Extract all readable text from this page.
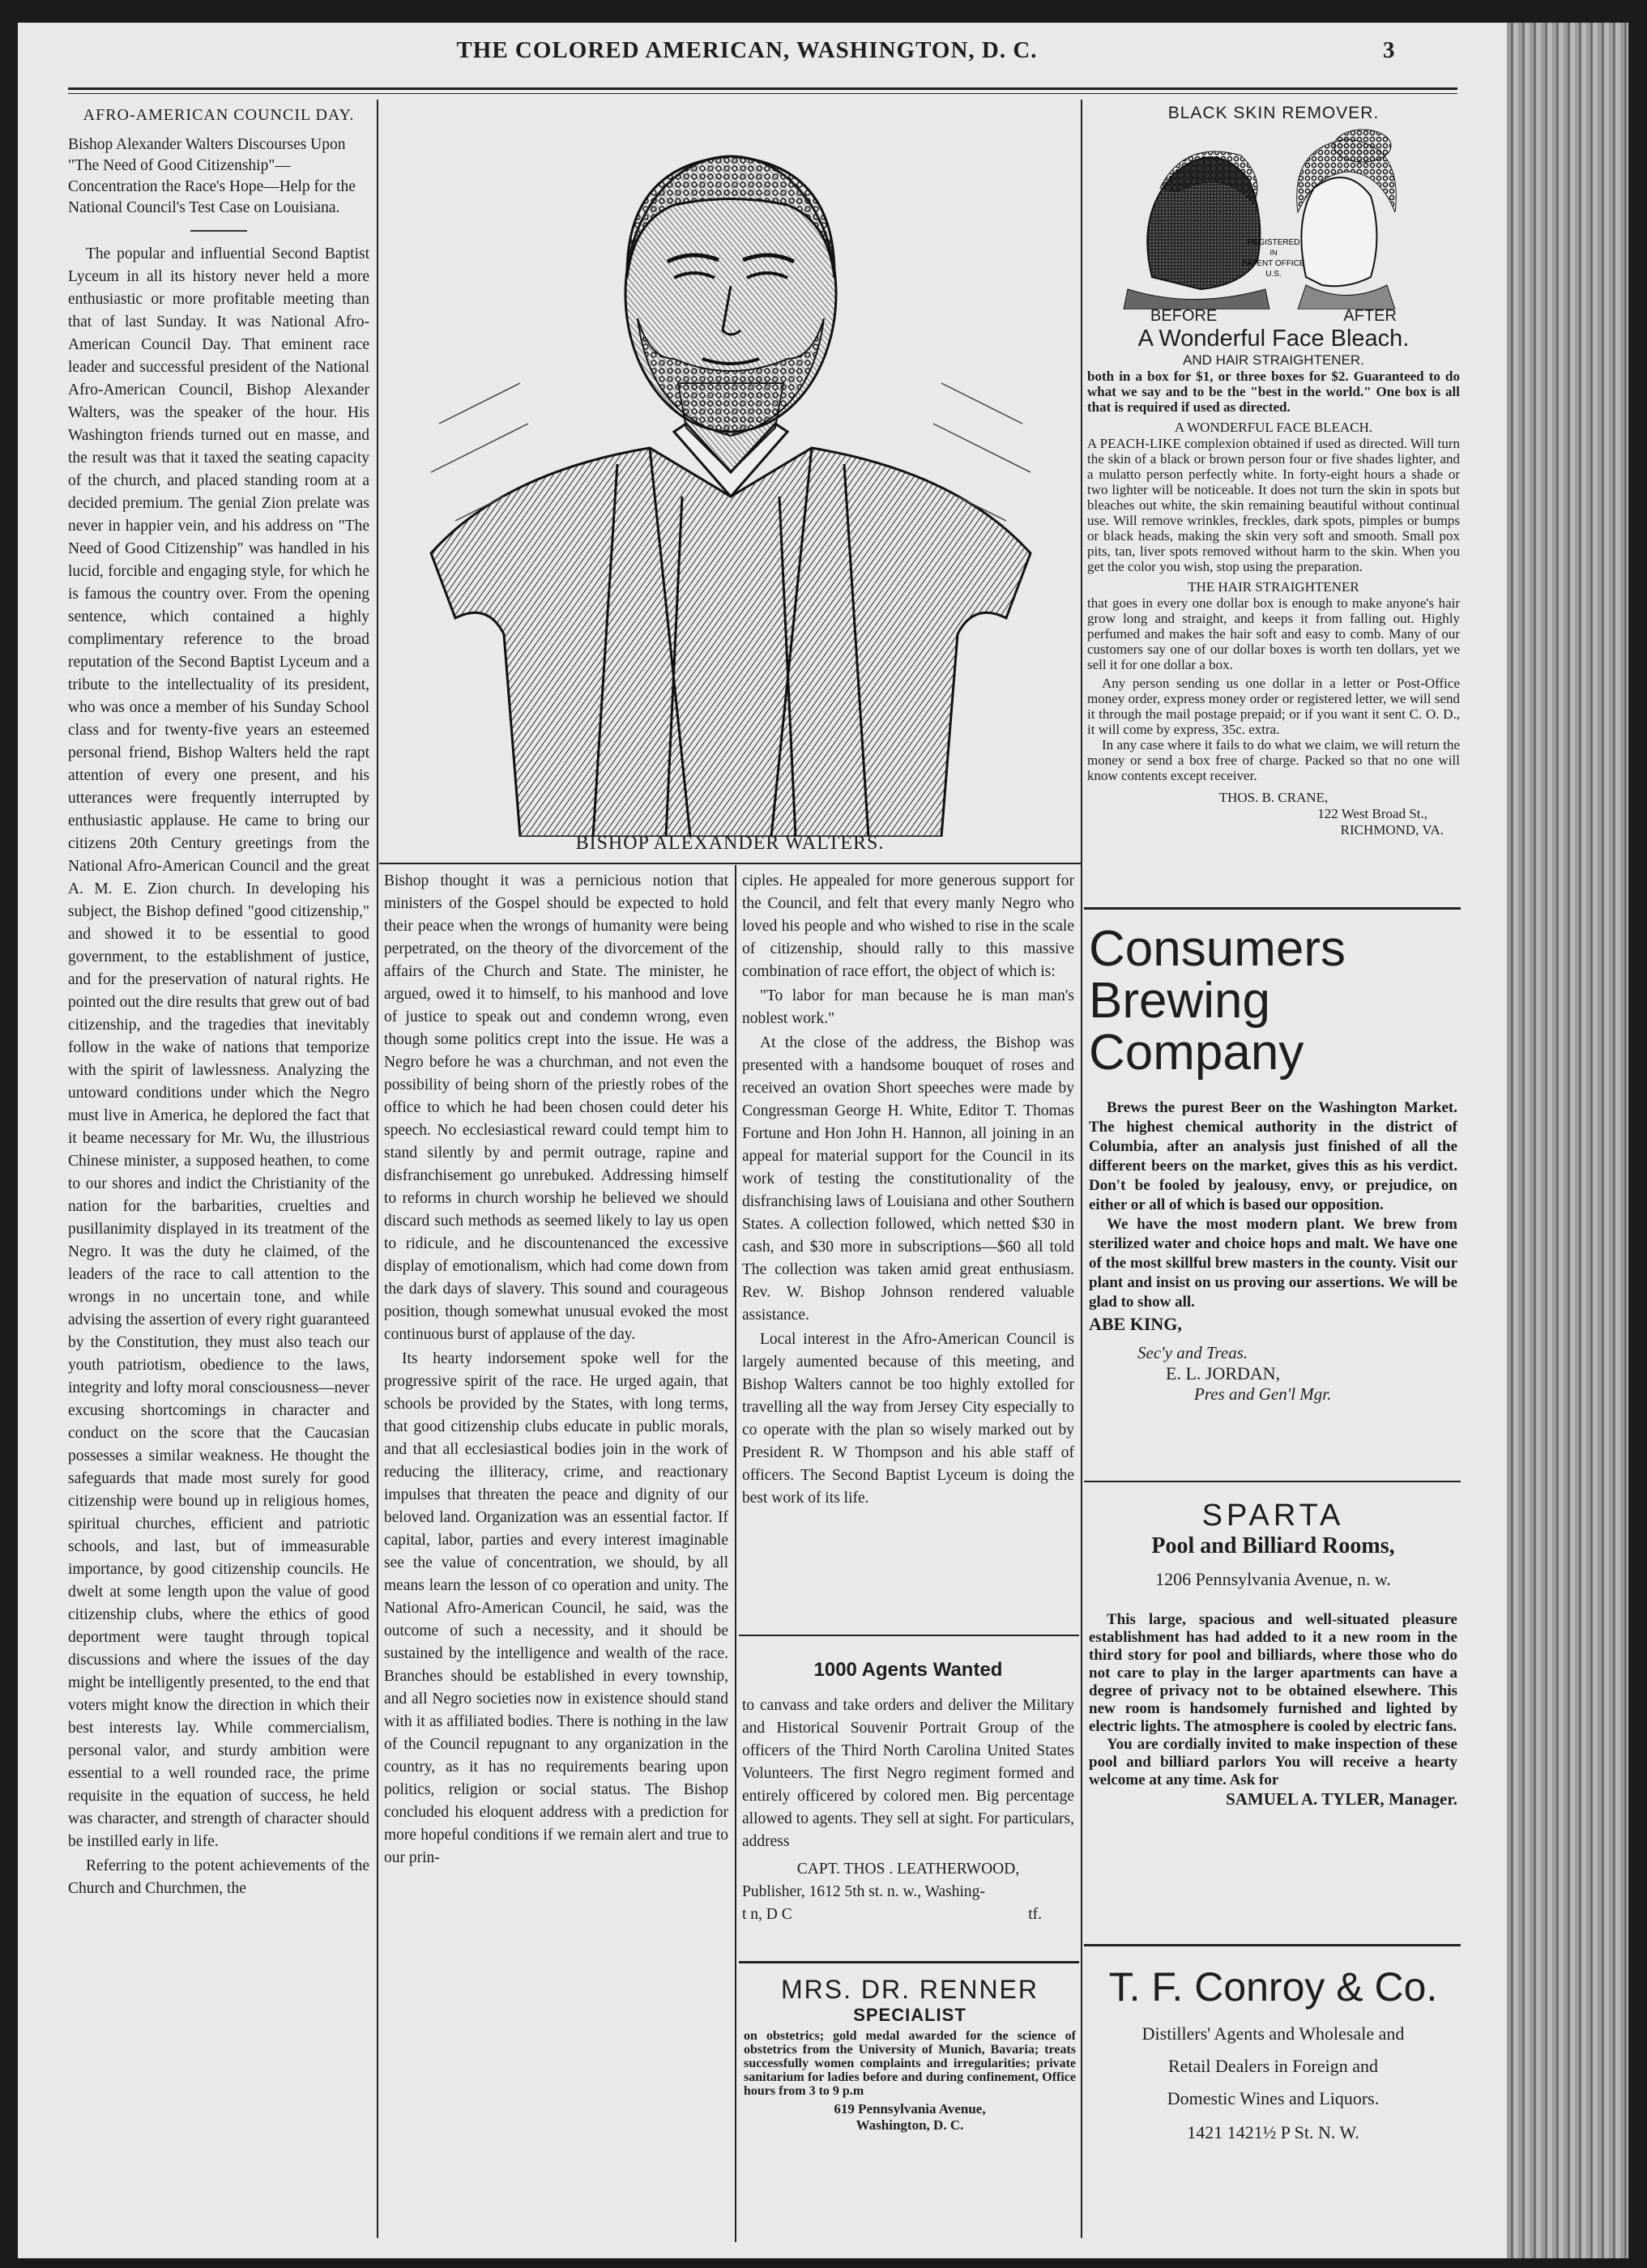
THE COLORED AMERICAN, WASHINGTON, D. C.	3
AFRO-AMERICAN COUNCIL DAY.
Bishop Alexander Walters Discourses Upon "The Need of Good Citizenship"—Concentration the Race's Hope—Help for the National Council's Test Case on Louisiana.

The popular and influential Second Baptist Lyceum in all its history never held a more enthusiastic or more profitable meeting than that of last Sunday. It was National Afro-American Council Day. That eminent race leader and successful president of the National Afro-American Council, Bishop Alexander Walters, was the speaker of the hour. His Washington friends turned out en masse, and the result was that it taxed the seating capacity of the church, and placed standing room at a decided premium. The genial Zion prelate was never in happier vein, and his address on "The Need of Good Citizenship" was handled in his lucid, forcible and engaging style, for which he is famous the country over. From the opening sentence, which contained a highly complimentary reference to the broad reputation of the Second Baptist Lyceum and a tribute to the intellectuality of its president, who was once a member of his Sunday School class and for twenty-five years an esteemed personal friend, Bishop Walters held the rapt attention of every one present, and his utterances were frequently interrupted by enthusiastic applause. He came to bring our citizens 20th Century greetings from the National Afro-American Council and the great A. M. E. Zion church. In developing his subject, the Bishop defined "good citizenship," and showed it to be essential to good government, to the establishment of justice, and for the preservation of natural rights. He pointed out the dire results that grew out of bad citizenship, and the tragedies that inevitably follow in the wake of nations that temporize with the spirit of lawlessness. Analyzing the untoward conditions under which the Negro must live in America, he deplored the fact that it beame necessary for Mr. Wu, the illustrious Chinese minister, a supposed heathen, to come to our shores and indict the Christianity of the nation for the barbarities, cruelties and pusillanimity displayed in its treatment of the Negro. It was the duty he claimed, of the leaders of the race to call attention to the wrongs in no uncertain tone, and while advising the assertion of every right guaranteed by the Constitution, they must also teach our youth patriotism, obedience to the laws, integrity and lofty moral consciousness—never excusing shortcomings in character and conduct on the score that the Caucasian possesses a similar weakness. He thought the safeguards that made most surely for good citizenship were bound up in religious homes, spiritual churches, efficient and patriotic schools, and last, but of immeasurable importance, by good citizenship councils. He dwelt at some length upon the value of good citizenship clubs, where the ethics of good deportment were taught through topical discussions and where the issues of the day might be intelligently presented, to the end that voters might know the direction in which their best interests lay. While commercialism, personal valor, and sturdy ambition were essential to a well rounded race, the prime requisite in the equation of success, he held was character, and strength of character should be instilled early in life.

Referring to the potent achievements of the Church and Churchmen, the

BISHOP ALEXANDER WALTERS.

Bishop thought it was a pernicious notion that ministers of the Gospel should be expected to hold their peace when the wrongs of humanity were being perpetrated, on the theory of the divorcement of the affairs of the Church and State. The minister, he argued, owed it to himself, to his manhood and love of justice to speak out and condemn wrong, even though some politics crept into the issue. He was a Negro before he was a churchman, and not even the possibility of being shorn of the priestly robes of the office to which he had been chosen could deter his speech. No ecclesiastical reward could tempt him to stand silently by and permit outrage, rapine and disfranchisement go unrebuked. Addressing himself to reforms in church worship he believed we should discard such methods as seemed likely to lay us open to ridicule, and he discountenanced the excessive display of emotionalism, which had come down from the dark days of slavery. This sound and courageous position, though somewhat unusual evoked the most continuous burst of applause of the day.

Its hearty indorsement spoke well for the progressive spirit of the race. He urged again, that schools be provided by the States, with long terms, that good citizenship clubs educate in public morals, and that all ecclesiastical bodies join in the work of reducing the illiteracy, crime, and reactionary impulses that threaten the peace and dignity of our beloved land. Organization was an essential factor. If capital, labor, parties and every interest imaginable see the value of concentration, we should, by all means learn the lesson of co operation and unity. The National Afro-American Council, he said, was the outcome of such a necessity, and it should be sustained by the intelligence and wealth of the race. Branches should be established in every township, and all Negro societies now in existence should stand with it as affiliated bodies. There is nothing in the law of the Council repugnant to any organization in the country, as it has no requirements bearing upon politics, religion or social status. The Bishop concluded his eloquent address with a prediction for more hopeful conditions if we remain alert and true to our prin-

ciples. He appealed for more generous support for the Council, and felt that every manly Negro who loved his people and who wished to rise in the scale of citizenship, should rally to this massive combination of race effort, the object of which is:

"To labor for man because he is man man's noblest work."

At the close of the address, the Bishop was presented with a handsome bouquet of roses and received an ovation Short speeches were made by Congressman George H. White, Editor T. Thomas Fortune and Hon John H. Hannon, all joining in an appeal for material support for the Council in its work of testing the constitutionality of the disfranchising laws of Louisiana and other Southern States. A collection followed, which netted $30 in cash, and $30 more in subscriptions—$60 all told The collection was taken amid great enthusiasm. Rev. W. Bishop Johnson rendered valuable assistance.

Local interest in the Afro-American Council is largely aumented because of this meeting, and Bishop Walters cannot be too highly extolled for travelling all the way from Jersey City especially to co operate with the plan so wisely marked out by President R. W Thompson and his able staff of officers. The Second Baptist Lyceum is doing the best work of its life.

1000 Agents Wanted
to canvass and take orders and deliver the Military and Historical Souvenir Portrait Group of the officers of the Third North Carolina United States Volunteers. The first Negro regiment formed and entirely officered by colored men. Big percentage allowed to agents. They sell at sight. For particulars, address
CAPT. THOS . LEATHERWOOD,
Publisher, 1612 5th st. n. w., Washing-
t n, D C	tf.
MRS. DR. RENNER
SPECIALIST
on obstetrics; gold medal awarded for the science of obstetrics from the University of Munich, Bavaria; treats successfully women complaints and irregularities; private sanitarium for ladies before and during confinement, Office hours from 3 to 9 p.m
619 Pennsylvania Avenue,
Washington, D. C.
BLACK SKIN REMOVER.
REGISTERED
IN
PATENT OFFICE
U.S.
BEFORE	AFTER
A Wonderful Face Bleach.
AND HAIR STRAIGHTENER.
both in a box for $1, or three boxes for $2. Guaranteed to do what we say and to be the "best in the world." One box is all that is required if used as directed.
A WONDERFUL FACE BLEACH.
A PEACH-LIKE complexion obtained if used as directed. Will turn the skin of a black or brown person four or five shades lighter, and a mulatto person perfectly white. In forty-eight hours a shade or two lighter will be noticeable. It does not turn the skin in spots but bleaches out white, the skin remaining beautiful without continual use. Will remove wrinkles, freckles, dark spots, pimples or bumps or black heads, making the skin very soft and smooth. Small pox pits, tan, liver spots removed without harm to the skin. When you get the color you wish, stop using the preparation.
THE HAIR STRAIGHTENER
that goes in every one dollar box is enough to make anyone's hair grow long and straight, and keeps it from falling out. Highly perfumed and makes the hair soft and easy to comb. Many of our customers say one of our dollar boxes is worth ten dollars, yet we sell it for one dollar a box.
Any person sending us one dollar in a letter or Post-Office money order, express money order or registered letter, we will send it through the mail postage prepaid; or if you want it sent C. O. D., it will come by express, 35c. extra.
In any case where it fails to do what we claim, we will return the money or send a box free of charge. Packed so that no one will know contents except receiver.
THOS. B. CRANE,
122 West Broad St.,
RICHMOND, VA.
Consumers
Brewing
Company
Brews the purest Beer on the Washington Market. The highest chemical authority in the district of Columbia, after an analysis just finished of all the different beers on the market, gives this as his verdict. Don't be fooled by jealousy, envy, or prejudice, on either or all of which is based our opposition.
We have the most modern plant. We brew from sterilized water and choice hops and malt. We have one of the most skillful brew masters in the county. Visit our plant and insist on us proving our assertions. We will be glad to show all.
ABE KING,
Sec'y and Treas.
E. L. JORDAN,
Pres and Gen'l Mgr.
SPARTA
Pool and Billiard Rooms,
1206 Pennsylvania Avenue, n. w.
This large, spacious and well-situated pleasure establishment has had added to it a new room in the third story for pool and billiards, where those who do not care to play in the larger apartments can have a degree of privacy not to be obtained elsewhere. This new room is handsomely furnished and lighted by electric lights. The atmosphere is cooled by electric fans.
You are cordially invited to make inspection of these pool and billiard parlors You will receive a hearty welcome at any time. Ask for
SAMUEL A. TYLER, Manager.
T. F. Conroy & Co.
Distillers' Agents and Wholesale and
Retail Dealers in Foreign and
Domestic Wines and Liquors.
1421 1421½ P St. N. W.
